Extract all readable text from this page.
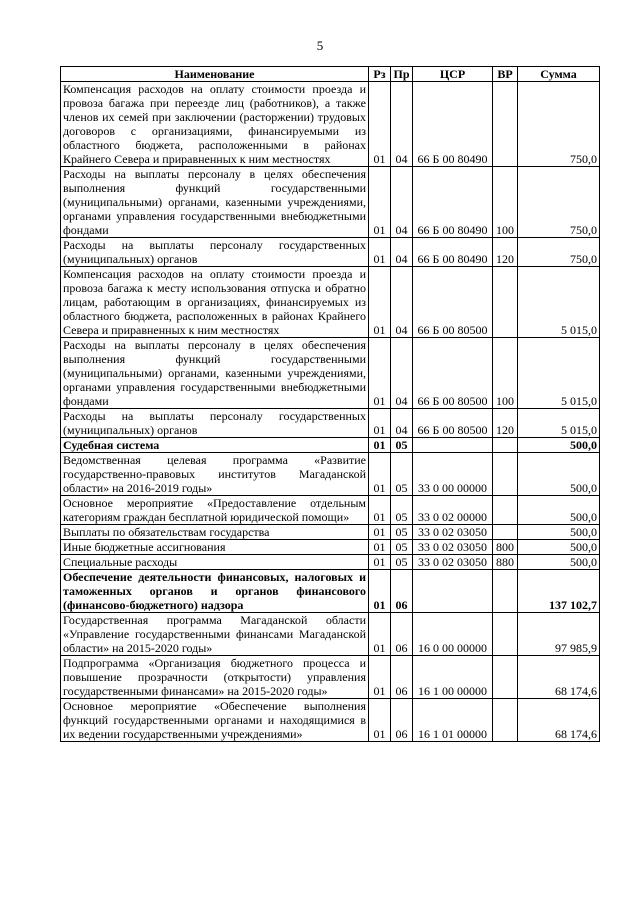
5
Наименование	Рз	Пр	ЦСР	ВР	Сумма
Компенсация расходов на оплату стоимости проезда и провоза багажа при переезде лиц (работников), а также членов их семей при заключении (расторжении) трудовых договоров с организациями, финансируемыми из областного бюджета, расположенными в районах Крайнего Севера и приравненных к ним местностях	01	04	66 Б 00 80490		750,0
Расходы на выплаты персоналу в целях обеспечения выполнения функций государственными (муниципальными) органами, казенными учреждениями, органами управления государственными внебюджетными фондами	01	04	66 Б 00 80490	100	750,0
Расходы на выплаты персоналу государственных (муниципальных) органов	01	04	66 Б 00 80490	120	750,0
Компенсация расходов на оплату стоимости проезда и провоза багажа к месту использования отпуска и обратно лицам, работающим в организациях, финансируемых из областного бюджета, расположенных в районах Крайнего Севера и приравненных к ним местностях	01	04	66 Б 00 80500		5 015,0
Расходы на выплаты персоналу в целях обеспечения выполнения функций государственными (муниципальными) органами, казенными учреждениями, органами управления государственными внебюджетными фондами	01	04	66 Б 00 80500	100	5 015,0
Расходы на выплаты персоналу государственных (муниципальных) органов	01	04	66 Б 00 80500	120	5 015,0
Судебная система	01	05			500,0
Ведомственная целевая программа «Развитие государственно-правовых институтов Магаданской области» на 2016-2019 годы»	01	05	33 0 00 00000		500,0
Основное мероприятие «Предоставление отдельным категориям граждан бесплатной юридической помощи»	01	05	33 0 02 00000		500,0
Выплаты по обязательствам государства	01	05	33 0 02 03050		500,0
Иные бюджетные ассигнования	01	05	33 0 02 03050	800	500,0
Специальные расходы	01	05	33 0 02 03050	880	500,0
Обеспечение деятельности финансовых, налоговых и таможенных органов и органов финансового (финансово-бюджетного) надзора	01	06			137 102,7
Государственная программа Магаданской области «Управление государственными финансами Магаданской области» на 2015-2020 годы»	01	06	16 0 00 00000		97 985,9
Подпрограмма «Организация бюджетного процесса и повышение прозрачности (открытости) управления государственными финансами» на 2015-2020 годы»	01	06	16 1 00 00000		68 174,6
Основное мероприятие «Обеспечение выполнения функций государственными органами и находящимися в их ведении государственными учреждениями»	01	06	16 1 01 00000		68 174,6
